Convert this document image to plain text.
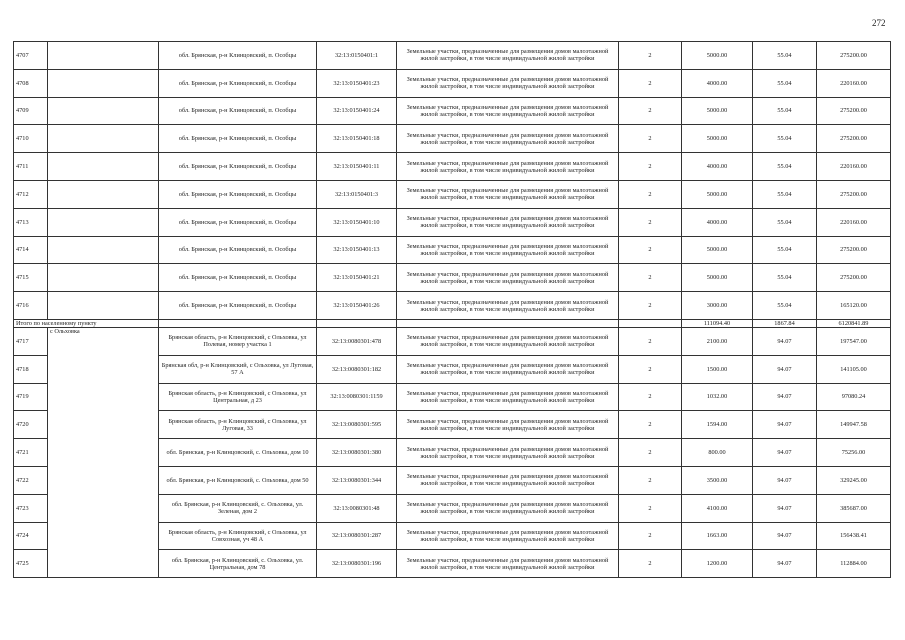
272
4707		обл. Брянская, р-н Клинцовский, п. Особцы	32:13:0150401:1	Земельные участки, предназначенные для размещения домов малоэтажной жилой застройки, в том числе индивидуальной жилой застройки	2	5000.00	55.04	275200.00
4708		обл. Брянская, р-н Клинцовский, п. Особцы	32:13:0150401:23	Земельные участки, предназначенные для размещения домов малоэтажной жилой застройки, в том числе индивидуальной жилой застройки	2	4000.00	55.04	220160.00
4709		обл. Брянская, р-н Клинцовский, п. Особцы	32:13:0150401:24	Земельные участки, предназначенные для размещения домов малоэтажной жилой застройки, в том числе индивидуальной жилой застройки	2	5000.00	55.04	275200.00
4710		обл. Брянская, р-н Клинцовский, п. Особцы	32:13:0150401:18	Земельные участки, предназначенные для размещения домов малоэтажной жилой застройки, в том числе индивидуальной жилой застройки	2	5000.00	55.04	275200.00
4711		обл. Брянская, р-н Клинцовский, п. Особцы	32:13:0150401:11	Земельные участки, предназначенные для размещения домов малоэтажной жилой застройки, в том числе индивидуальной жилой застройки	2	4000.00	55.04	220160.00
4712		обл. Брянская, р-н Клинцовский, п. Особцы	32:13:0150401:3	Земельные участки, предназначенные для размещения домов малоэтажной жилой застройки, в том числе индивидуальной жилой застройки	2	5000.00	55.04	275200.00
4713		обл. Брянская, р-н Клинцовский, п. Особцы	32:13:0150401:10	Земельные участки, предназначенные для размещения домов малоэтажной жилой застройки, в том числе индивидуальной жилой застройки	2	4000.00	55.04	220160.00
4714		обл. Брянская, р-н Клинцовский, п. Особцы	32:13:0150401:13	Земельные участки, предназначенные для размещения домов малоэтажной жилой застройки, в том числе индивидуальной жилой застройки	2	5000.00	55.04	275200.00
4715		обл. Брянская, р-н Клинцовский, п. Особцы	32:13:0150401:21	Земельные участки, предназначенные для размещения домов малоэтажной жилой застройки, в том числе индивидуальной жилой застройки	2	5000.00	55.04	275200.00
4716		обл. Брянская, р-н Клинцовский, п. Особцы	32:13:0150401:26	Земельные участки, предназначенные для размещения домов малоэтажной жилой застройки, в том числе индивидуальной жилой застройки	2	3000.00	55.04	165120.00
Итого по населенному пункту						111094.40	1867.84	6120841.89
4717	с Ольховка	Брянская область, р-н Клинцовский, с Ольховка, ул Полевая, номер участка 1	32:13:0080301:478	Земельные участки, предназначенные для размещения домов малоэтажной жилой застройки, в том числе индивидуальной жилой застройки	2	2100.00	94.07	197547.00
4718		Брянская обл, р-н Клинцовский, с Ольховка, ул Луговая, 57 А	32:13:0080301:182	Земельные участки, предназначенные для размещения домов малоэтажной жилой застройки, в том числе индивидуальной жилой застройки	2	1500.00	94.07	141105.00
4719		Брянская область, р-н Клинцовский, с Ольховка, ул Центральная, д 23	32:13:0080301:1159	Земельные участки, предназначенные для размещения домов малоэтажной жилой застройки, в том числе индивидуальной жилой застройки	2	1032.00	94.07	97080.24
4720		Брянская область, р-н Клинцовский, с Ольховка, ул Луговая, 33	32:13:0080301:595	Земельные участки, предназначенные для размещения домов малоэтажной жилой застройки, в том числе индивидуальной жилой застройки	2	1594.00	94.07	149947.58
4721		обл. Брянская, р-н Клинцовский, с. Ольховка, дом 10	32:13:0080301:380	Земельные участки, предназначенные для размещения домов малоэтажной жилой застройки, в том числе индивидуальной жилой застройки	2	800.00	94.07	75256.00
4722		обл. Брянская, р-н Клинцовский, с. Ольховка, дом 50	32:13:0080301:344	Земельные участки, предназначенные для размещения домов малоэтажной жилой застройки, в том числе индивидуальной жилой застройки	2	3500.00	94.07	329245.00
4723		обл. Брянская, р-н Клинцовский, с. Ольховка, ул. Зеленая, дом 2	32:13:0080301:48	Земельные участки, предназначенные для размещения домов малоэтажной жилой застройки, в том числе индивидуальной жилой застройки	2	4100.00	94.07	385687.00
4724		Брянская область, р-н Клинцовский, с Ольховка, ул Совхозная, уч 48 А	32:13:0080301:287	Земельные участки, предназначенные для размещения домов малоэтажной жилой застройки, в том числе индивидуальной жилой застройки	2	1663.00	94.07	156438.41
4725		обл. Брянская, р-н Клинцовский, с. Ольховка, ул. Центральная, дом 78	32:13:0080301:196	Земельные участки, предназначенные для размещения домов малоэтажной жилой застройки, в том числе индивидуальной жилой застройки	2	1200.00	94.07	112884.00
